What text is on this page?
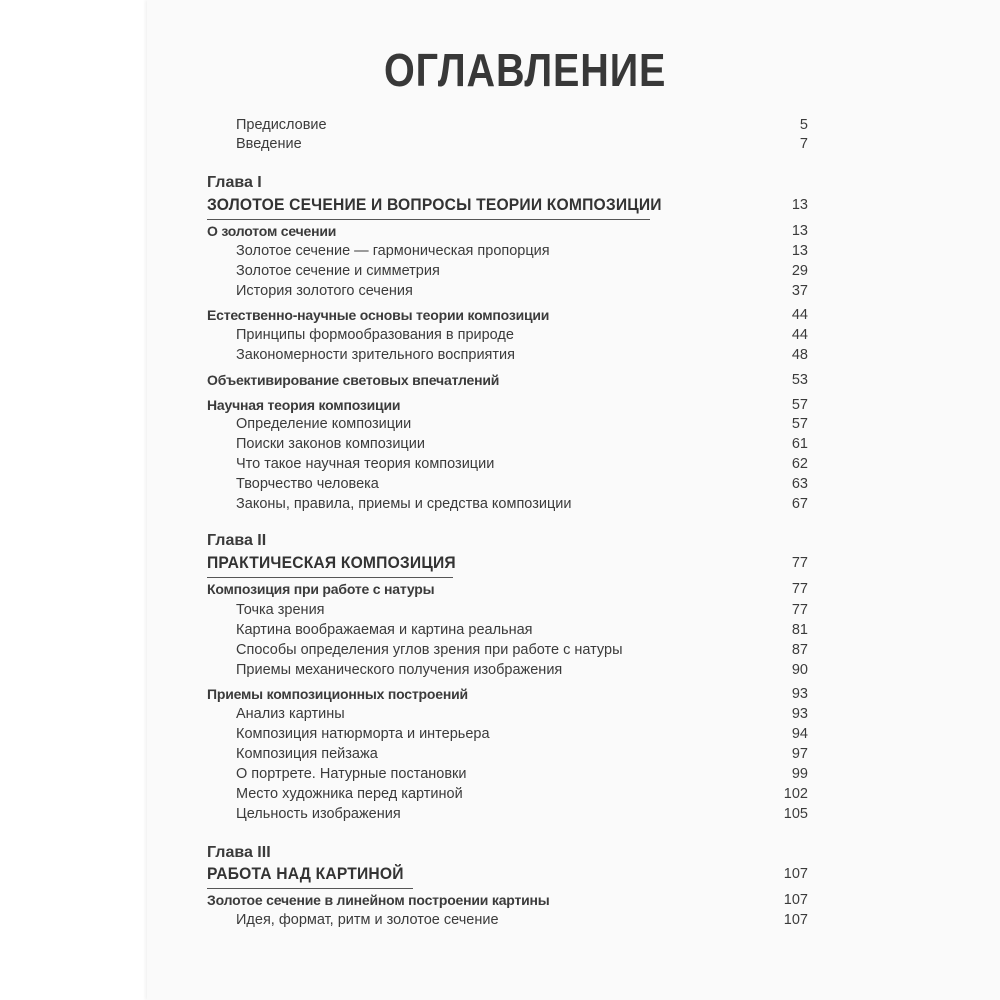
ОГЛАВЛЕНИЕ
Предисловие	5
Введение	7
Глава I
ЗОЛОТОЕ СЕЧЕНИЕ И ВОПРОСЫ ТЕОРИИ КОМПОЗИЦИИ	13
О золотом сечении	13
Золотое сечение — гармоническая пропорция	13
Золотое сечение и симметрия	29
История золотого сечения	37
Естественно-научные основы теории композиции	44
Принципы формообразования в природе	44
Закономерности зрительного восприятия	48
Объективирование световых впечатлений	53
Научная теория композиции	57
Определение композиции	57
Поиски законов композиции	61
Что такое научная теория композиции	62
Творчество человека	63
Законы, правила, приемы и средства композиции	67
Глава II
ПРАКТИЧЕСКАЯ КОМПОЗИЦИЯ	77
Композиция при работе с натуры	77
Точка зрения	77
Картина воображаемая и картина реальная	81
Способы определения углов зрения при работе с натуры	87
Приемы механического получения изображения	90
Приемы композиционных построений	93
Анализ картины	93
Композиция натюрморта и интерьера	94
Композиция пейзажа	97
О портрете. Натурные постановки	99
Место художника перед картиной	102
Цельность изображения	105
Глава III
РАБОТА НАД КАРТИНОЙ	107
Золотое сечение в линейном построении картины	107
Идея, формат, ритм и золотое сечение	107
